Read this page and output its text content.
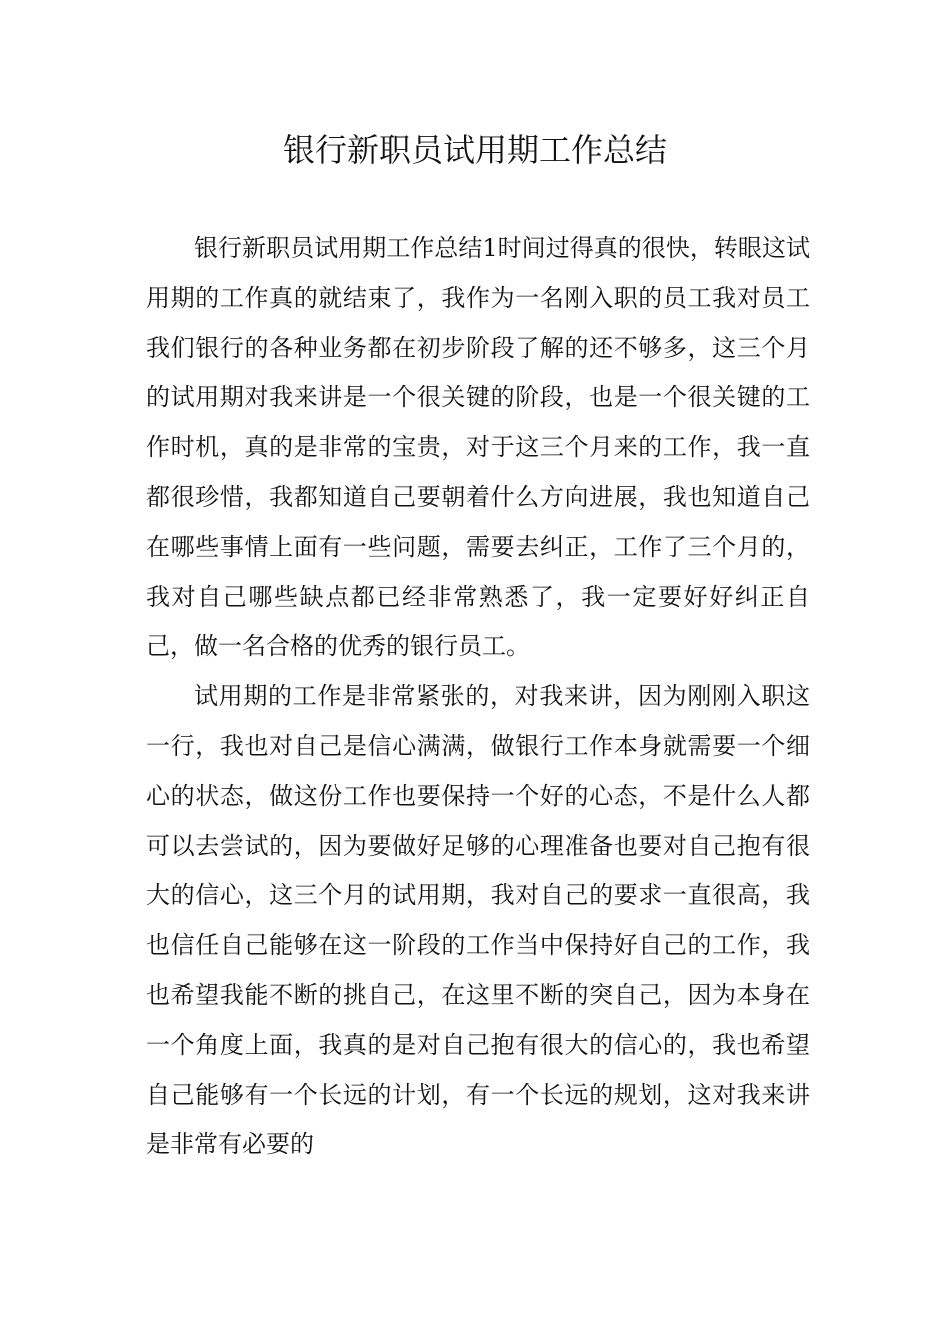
银行新职员试用期工作总结

银行新职员试用期工作总结1时间过得真的很快，转眼这试用期的工作真的就结束了，我作为一名刚入职的员工我对员工我们银行的各种业务都在初步阶段了解的还不够多，这三个月的试用期对我来讲是一个很关键的阶段，也是一个很关键的工作时机，真的是非常的宝贵，对于这三个月来的工作，我一直都很珍惜，我都知道自己要朝着什么方向进展，我也知道自己在哪些事情上面有一些问题，需要去纠正，工作了三个月的，我对自己哪些缺点都已经非常熟悉了，我一定要好好纠正自己，做一名合格的优秀的银行员工。

试用期的工作是非常紧张的，对我来讲，因为刚刚入职这一行，我也对自己是信心满满，做银行工作本身就需要一个细心的状态，做这份工作也要保持一个好的心态，不是什么人都可以去尝试的，因为要做好足够的心理准备也要对自己抱有很大的信心，这三个月的试用期，我对自己的要求一直很高，我也信任自己能够在这一阶段的工作当中保持好自己的工作，我也希望我能不断的挑自己，在这里不断的突自己，因为本身在一个角度上面，我真的是对自己抱有很大的信心的，我也希望自己能够有一个长远的计划，有一个长远的规划，这对我来讲是非常有必要的
